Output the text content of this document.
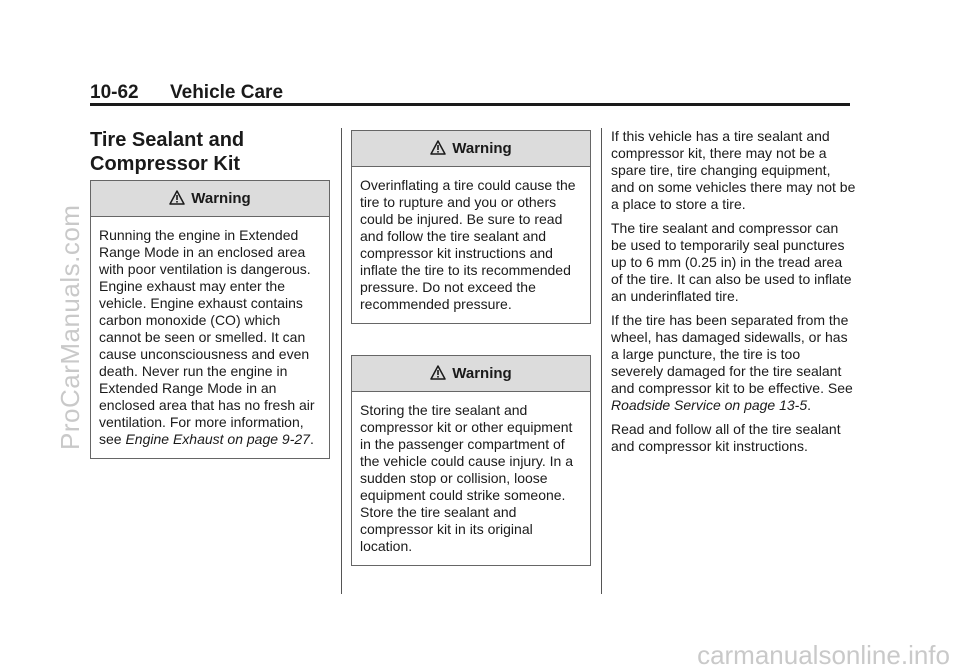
10-62 Vehicle Care
ProCarManuals.com
carmanualsonline.info
Tire Sealant and
Compressor Kit
Warning
Running the engine in Extended Range Mode in an enclosed area with poor ventilation is dangerous. Engine exhaust may enter the vehicle. Engine exhaust contains carbon monoxide (CO) which cannot be seen or smelled. It can cause unconsciousness and even death. Never run the engine in Extended Range Mode in an enclosed area that has no fresh air ventilation. For more information, see Engine Exhaust on page 9-27.
Warning
Overinflating a tire could cause the tire to rupture and you or others could be injured. Be sure to read and follow the tire sealant and compressor kit instructions and inflate the tire to its recommended pressure. Do not exceed the recommended pressure.
Warning
Storing the tire sealant and compressor kit or other equipment in the passenger compartment of the vehicle could cause injury. In a sudden stop or collision, loose equipment could strike someone. Store the tire sealant and compressor kit in its original location.

If this vehicle has a tire sealant and compressor kit, there may not be a spare tire, tire changing equipment, and on some vehicles there may not be a place to store a tire.

The tire sealant and compressor can be used to temporarily seal punctures up to 6 mm (0.25 in) in the tread area of the tire. It can also be used to inflate an underinflated tire.

If the tire has been separated from the wheel, has damaged sidewalls, or has a large puncture, the tire is too severely damaged for the tire sealant and compressor kit to be effective. See Roadside Service on page 13-5.

Read and follow all of the tire sealant and compressor kit instructions.
